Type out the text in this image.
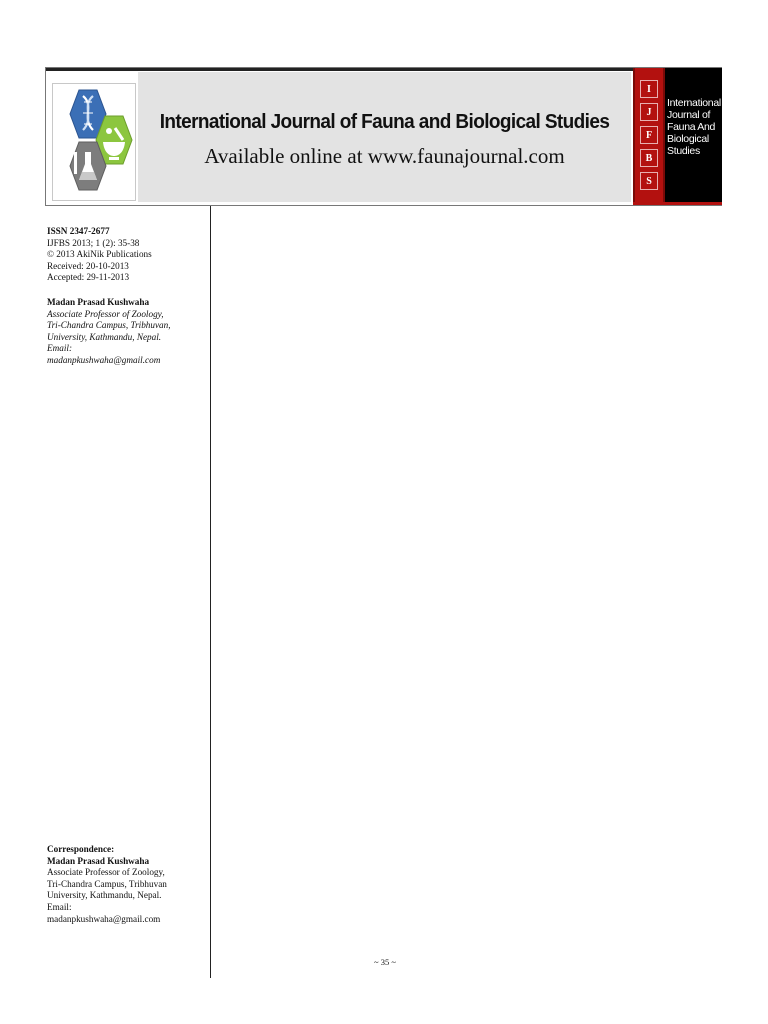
International Journal of Fauna and Biological Studies
Available online at www.faunajournal.com
I
J
F
B
S
International
Journal of
Fauna And
Biological
Studies
ISSN 2347-2677
IJFBS 2013; 1 (2): 35-38
© 2013 AkiNik Publications
Received: 20-10-2013
Accepted: 29-11-2013
Madan Prasad Kushwaha
Associate Professor of Zoology,
Tri-Chandra Campus, Tribhuvan,
University, Kathmandu, Nepal.
Email:
madanpkushwaha@gmail.com
Correspondence:
Madan Prasad Kushwaha
Associate Professor of Zoology,
Tri-Chandra Campus, Tribhuvan
University, Kathmandu, Nepal.
Email:
madanpkushwaha@gmail.com
~ 35 ~
